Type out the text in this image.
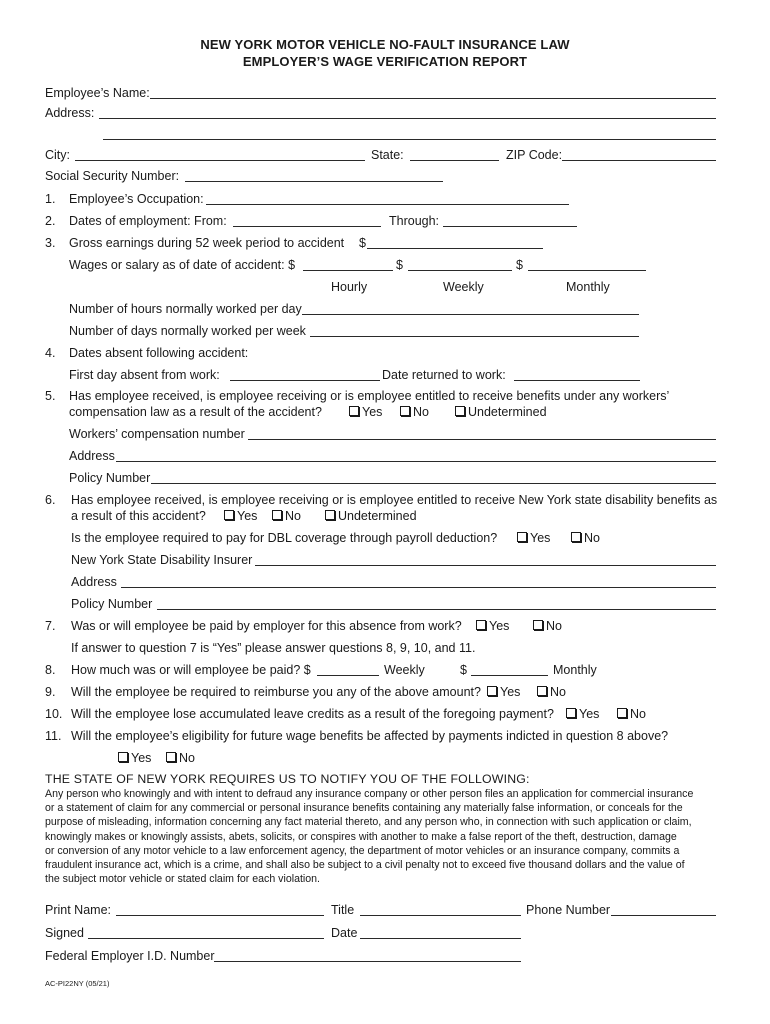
NEW YORK MOTOR VEHICLE NO-FAULT INSURANCE LAW
EMPLOYER’S WAGE VERIFICATION REPORT
Employee’s Name:
Address:
City:	State:	ZIP Code:
Social Security Number:
1. Employee’s Occupation:
2. Dates of employment: From:	Through:
3. Gross earnings during 52 week period to accident $
Wages or salary as of date of accident: $	$	$
Hourly	Weekly	Monthly
Number of hours normally worked per day
Number of days normally worked per week
4. Dates absent following accident:
First day absent from work:	Date returned to work:
5. Has employee received, is employee receiving or is employee entitled to receive benefits under any workers’
compensation law as a result of the accident?	Yes	No	Undetermined
Workers’ compensation number
Address
Policy Number
6. Has employee received, is employee receiving or is employee entitled to receive New York state disability benefits as
a result of this accident?	Yes	No	Undetermined
Is the employee required to pay for DBL coverage through payroll deduction?	Yes	No
New York State Disability Insurer
Address
Policy Number
7. Was or will employee be paid by employer for this absence from work?	Yes	No
If answer to question 7 is “Yes” please answer questions 8, 9, 10, and 11.
8. How much was or will employee be paid? $	Weekly	$	Monthly
9. Will the employee be required to reimburse you any of the above amount?	Yes	No
10. Will the employee lose accumulated leave credits as a result of the foregoing payment?	Yes	No
11. Will the employee’s eligibility for future wage benefits be affected by payments indicted in question 8 above?
Yes	No
THE STATE OF NEW YORK REQUIRES US TO NOTIFY YOU OF THE FOLLOWING:
Any person who knowingly and with intent to defraud any insurance company or other person files an application for commercial insurance
or a statement of claim for any commercial or personal insurance benefits containing any materially false information, or conceals for the
purpose of misleading, information concerning any fact material thereto, and any person who, in connection with such application or claim,
knowingly makes or knowingly assists, abets, solicits, or conspires with another to make a false report of the theft, destruction, damage
or conversion of any motor vehicle to a law enforcement agency, the department of motor vehicles or an insurance company, commits a
fraudulent insurance act, which is a crime, and shall also be subject to a civil penalty not to exceed five thousand dollars and the value of
the subject motor vehicle or stated claim for each violation.
Print Name:	Title	Phone Number
Signed	Date
Federal Employer I.D. Number
AC-PI22NY (05/21)
